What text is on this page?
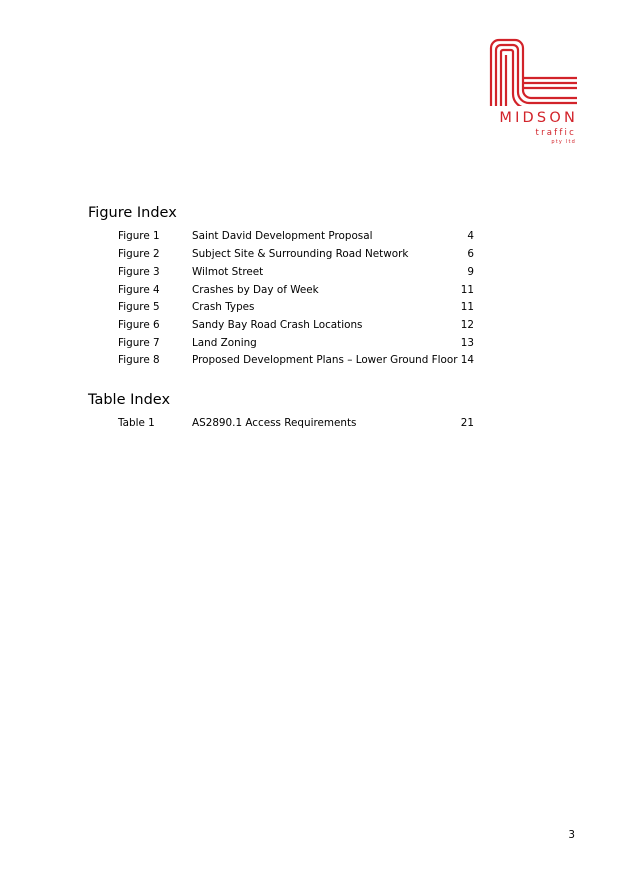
MIDSON
traffic
pty ltd
Figure Index
Figure 1	Saint David Development Proposal	4
Figure 2	Subject Site & Surrounding Road Network	6
Figure 3	Wilmot Street	9
Figure 4	Crashes by Day of Week	11
Figure 5	Crash Types	11
Figure 6	Sandy Bay Road Crash Locations	12
Figure 7	Land Zoning	13
Figure 8	Proposed Development Plans – Lower Ground Floor 14
Table Index
Table 1	AS2890.1 Access Requirements	21
3
